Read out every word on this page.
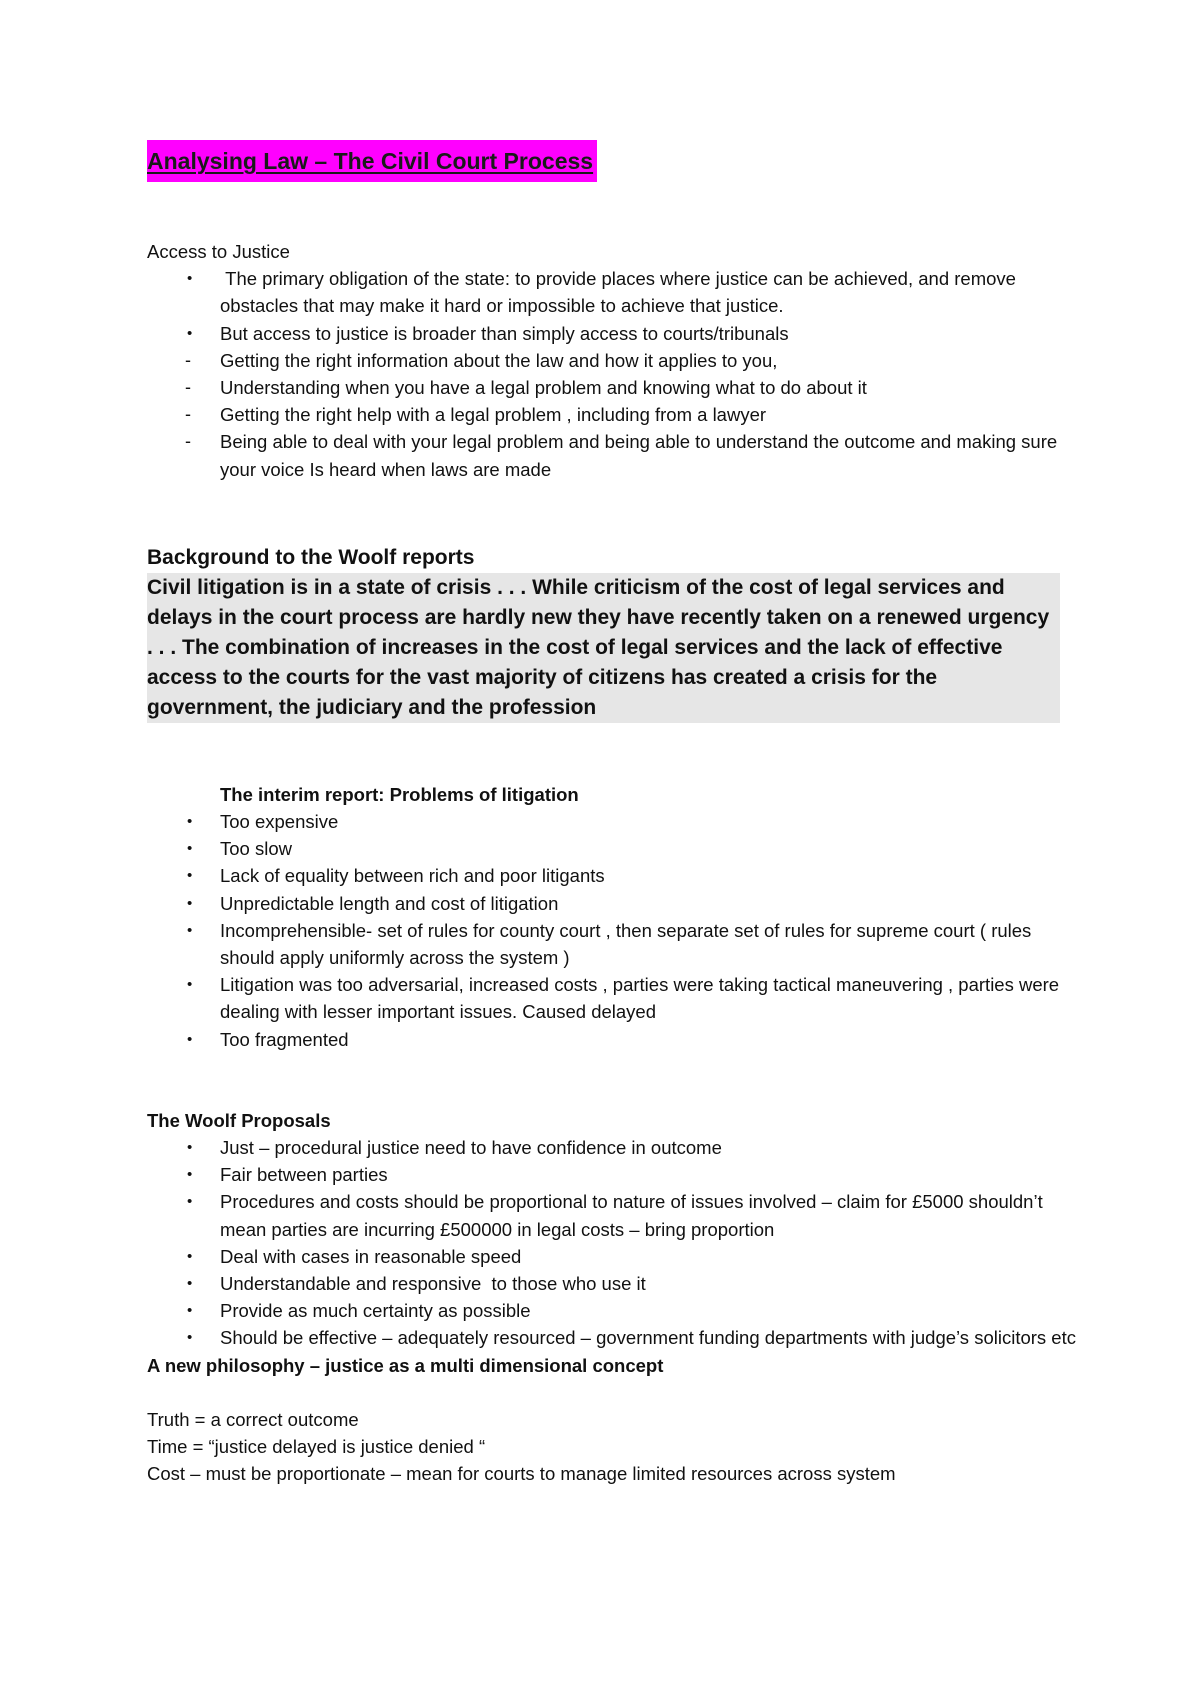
Analysing Law – The Civil Court Process
Access to Justice
•	The primary obligation of the state: to provide places where justice can be achieved, and remove obstacles that may make it hard or impossible to achieve that justice.
•	But access to justice is broader than simply access to courts/tribunals
-	Getting the right information about the law and how it applies to you,
-	Understanding when you have a legal problem and knowing what to do about it
-	Getting the right help with a legal problem , including from a lawyer
-	Being able to deal with your legal problem and being able to understand the outcome and making sure your voice Is heard when laws are made
Background to the Woolf reports
Civil litigation is in a state of crisis . . . While criticism of the cost of legal services and delays in the court process are hardly new they have recently taken on a renewed urgency . . . The combination of increases in the cost of legal services and the lack of effective access to the courts for the vast majority of citizens has created a crisis for the government, the judiciary and the profession
The interim report: Problems of litigation
•	Too expensive
•	Too slow
•	Lack of equality between rich and poor litigants
•	Unpredictable length and cost of litigation
•	Incomprehensible- set of rules for county court , then separate set of rules for supreme court ( rules should apply uniformly across the system )
•	Litigation was too adversarial, increased costs , parties were taking tactical maneuvering , parties were dealing with lesser important issues. Caused delayed
•	Too fragmented
The Woolf Proposals
•	Just – procedural justice need to have confidence in outcome
•	Fair between parties
•	Procedures and costs should be proportional to nature of issues involved – claim for £5000 shouldn’t mean parties are incurring £500000 in legal costs – bring proportion
•	Deal with cases in reasonable speed
•	Understandable and responsive  to those who use it
•	Provide as much certainty as possible
•	Should be effective – adequately resourced – government funding departments with judge’s solicitors etc
A new philosophy – justice as a multi dimensional concept
Truth = a correct outcome
Time = “justice delayed is justice denied “
Cost – must be proportionate – mean for courts to manage limited resources across system
